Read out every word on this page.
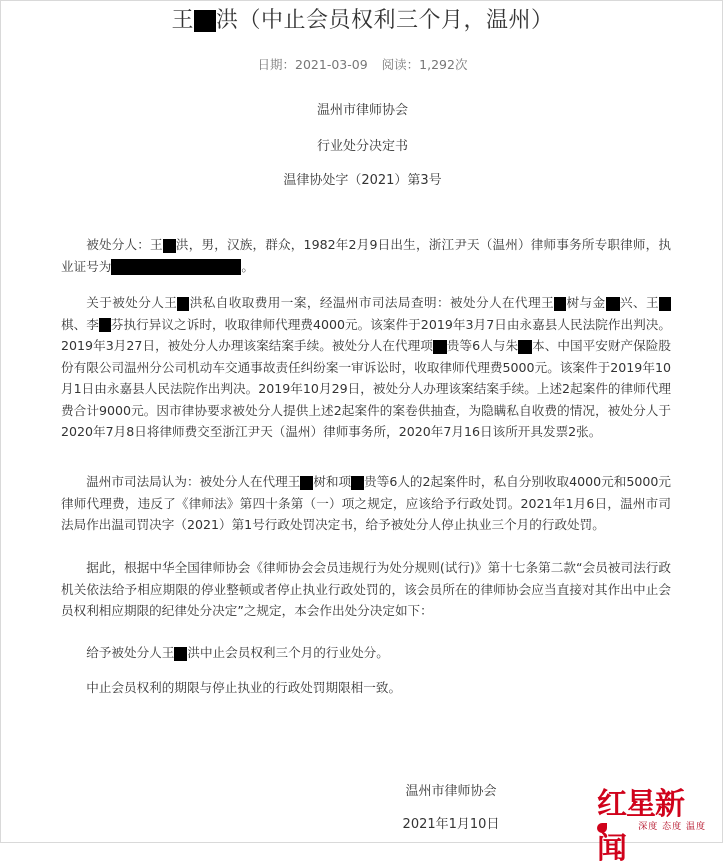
王 洪（中止会员权利三个月，温州）
日期：2021-03-09 阅读：1,292次
温州市律师协会
行业处分决定书
温律协处字（2021）第3号

被处分人：王 洪，男，汉族，群众，1982年2月9日出生，浙江尹天（温州）律师事务所专职律师，执业证号为	。

关于被处分人王 洪私自收取费用一案，经温州市司法局查明：被处分人在代理王 树与金 兴、王棋、李 芬执行异议之诉时，收取律师代理费4000元。该案件于2019年3月7日由永嘉县人民法院作出判决。2019年3月27日，被处分人办理该案结案手续。被处分人在代理项 贵等6人与朱 本、中国平安财产保险股份有限公司温州分公司机动车交通事故责任纠纷案一审诉讼时，收取律师代理费5000元。该案件于2019年10月1日由永嘉县人民法院作出判决。2019年10月29日，被处分人办理该案结案手续。上述2起案件的律师代理费合计9000元。因市律协要求被处分人提供上述2起案件的案卷供抽查，为隐瞒私自收费的情况，被处分人于2020年7月8日将律师费交至浙江尹天（温州）律师事务所，2020年7月16日该所开具发票2张。

温州市司法局认为：被处分人在代理王 树和项 贵等6人的2起案件时，私自分别收取4000元和5000元律师代理费，违反了《律师法》第四十条第（一）项之规定，应该给予行政处罚。2021年1月6日，温州市司法局作出温司罚决字（2021）第1号行政处罚决定书，给予被处分人停止执业三个月的行政处罚。

据此，根据中华全国律师协会《律师协会会员违规行为处分规则(试行)》第十七条第二款“会员被司法行政机关依法给予相应期限的停业整顿或者停止执业行政处罚的，该会员所在的律师协会应当直接对其作出中止会员权利相应期限的纪律处分决定”之规定，本会作出处分决定如下：

给予被处分人王 洪中止会员权利三个月的行业处分。

中止会员权利的期限与停止执业的行政处罚期限相一致。

温州市律师协会
2021年1月10日
红星新闻
深度 态度 温度
